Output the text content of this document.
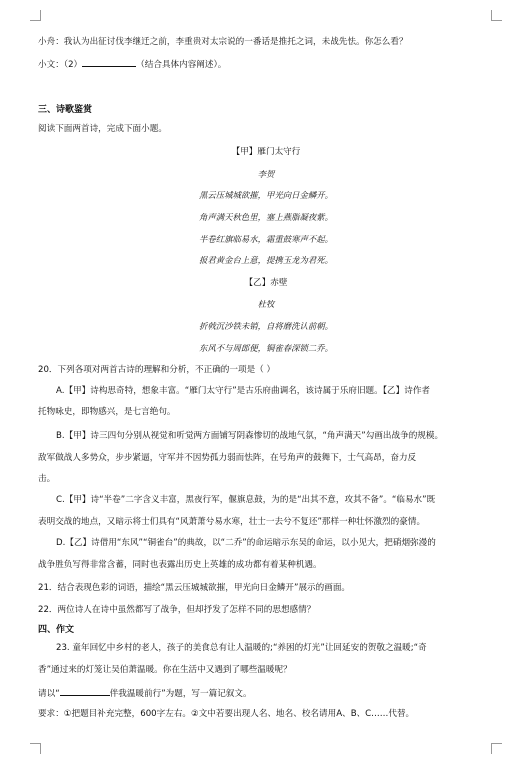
小舟：我认为出征讨伐李继迁之前，李重贵对太宗说的一番话是推托之词，未战先怯。你怎么看？
小文：（2）	（结合具体内容阐述）。
三、诗歌鉴赏
阅读下面两首诗，完成下面小题。
【甲】雁门太守行
李贺
黑云压城城欲摧，甲光向日金鳞开。
角声满天秋色里，塞上燕脂凝夜紫。
半卷红旗临易水，霜重鼓寒声不起。
报君黄金台上意，提携玉龙为君死。
【乙】赤壁
杜牧
折戟沉沙铁未销，自将磨洗认前朝。
东风不与周郎便，铜雀春深锁二乔。
20．下列各项对两首古诗的理解和分析，不正确的一项是（ ）
A.【甲】诗构思奇特，想象丰富。“雁门太守行”是古乐府曲调名，该诗属于乐府旧题。【乙】诗作者
托物咏史，即物感兴，是七言绝句。
B.【甲】诗三四句分别从视觉和听觉两方面铺写阴森惨切的战地气氛，“角声满天”勾画出战争的规模。
敌军做战人多势众，步步紧逼，守军并不因势孤力弱而怯阵，在号角声的鼓舞下，士气高昂，奋力反
击。
C.【甲】诗“半卷”二字含义丰富，黑夜行军，偃旗息鼓，为的是“出其不意，攻其不备”。“临易水”既
表明交战的地点，又暗示将士们具有“风萧萧兮易水寒，壮士一去兮不复还”那样一种壮怀激烈的豪情。
D.【乙】诗借用“东风”“铜雀台”的典故，以“二乔”的命运暗示东吴的命运，以小见大，把硝烟弥漫的
战争胜负写得非常含蓄，同时也表露出历史上英雄的成功都有着某种机遇。
21．结合表现色彩的词语，描绘“黑云压城城欲摧，甲光向日金鳞开”展示的画面。
22．两位诗人在诗中虽然都写了战争，但却抒发了怎样不同的思想感情？
四、作文
23. 童年回忆中乡村的老人，孩子的美食总有让人温暖的;“养困的灯光”让回延安的贺敬之温暖;“奇
香”通过来的灯笼让吴伯萧温暖。你在生活中又遇到了哪些温暖呢？
请以“	伴我温暖前行”为题，写一篇记叙文。
要求：①把题目补充完整，600字左右。②文中若要出现人名、地名、校名请用A、B、C……代替。
